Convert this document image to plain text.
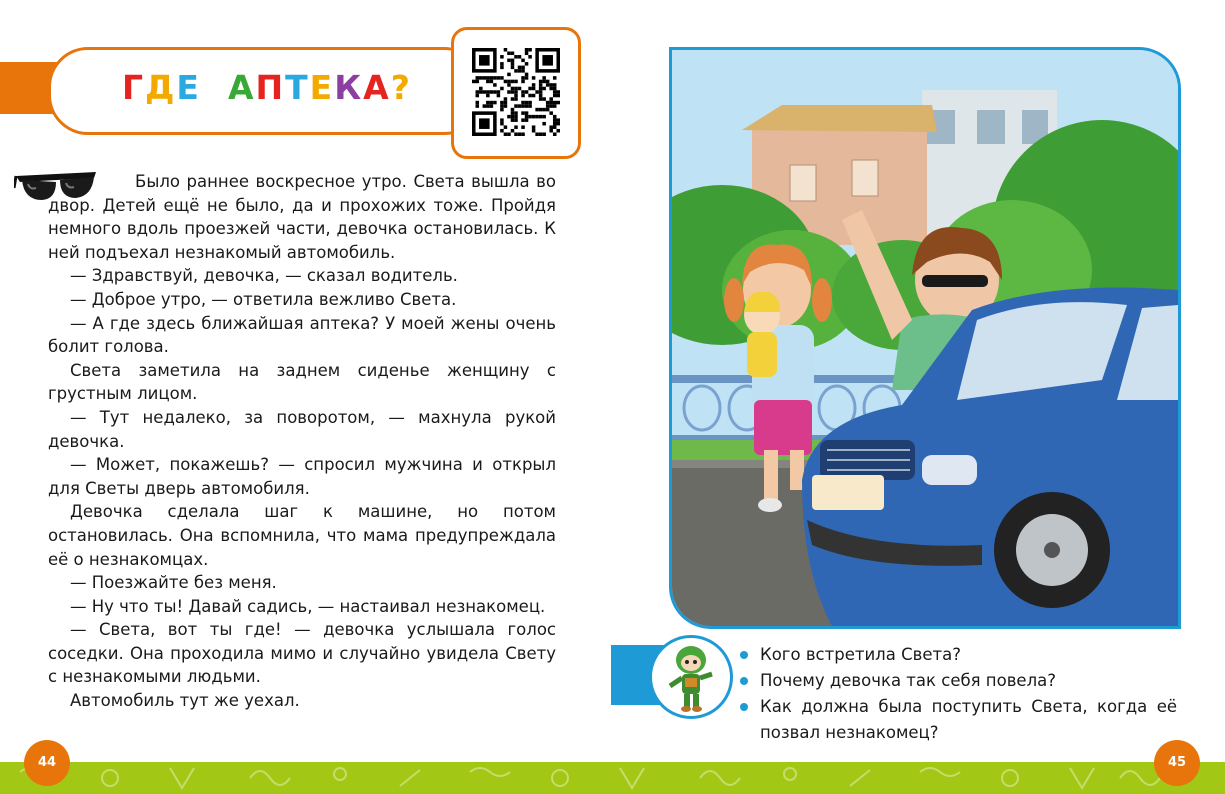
ГДЕ АПТЕКА?

Было раннее воскресное утро. Света вышла во двор. Детей ещё не было, да и прохожих тоже. Пройдя немного вдоль проезжей части, девочка остановилась. К ней подъехал незнакомый автомобиль.

— Здравствуй, девочка, — сказал водитель.

— Доброе утро, — ответила вежливо Света.

— А где здесь ближайшая аптека? У моей жены очень болит голова.

Света заметила на заднем сиденье женщину с грустным лицом.

— Тут недалеко, за поворотом, — махнула рукой девочка.

— Может, покажешь? — спросил мужчина и открыл для Светы дверь автомобиля.

Девочка сделала шаг к машине, но потом остановилась. Она вспомнила, что мама предупреждала её о незнакомцах.

— Поезжайте без меня.

— Ну что ты! Давай садись, — настаивал незнакомец.

— Света, вот ты где! — девочка услышала голос соседки. Она проходила мимо и случайно увидела Свету с незнакомыми людьми.

Автомобиль тут же уехал.

Кого встретила Света?
Почему девочка так себя повела?
Как должна была поступить Света, когда её позвал незнакомец?
44	45
